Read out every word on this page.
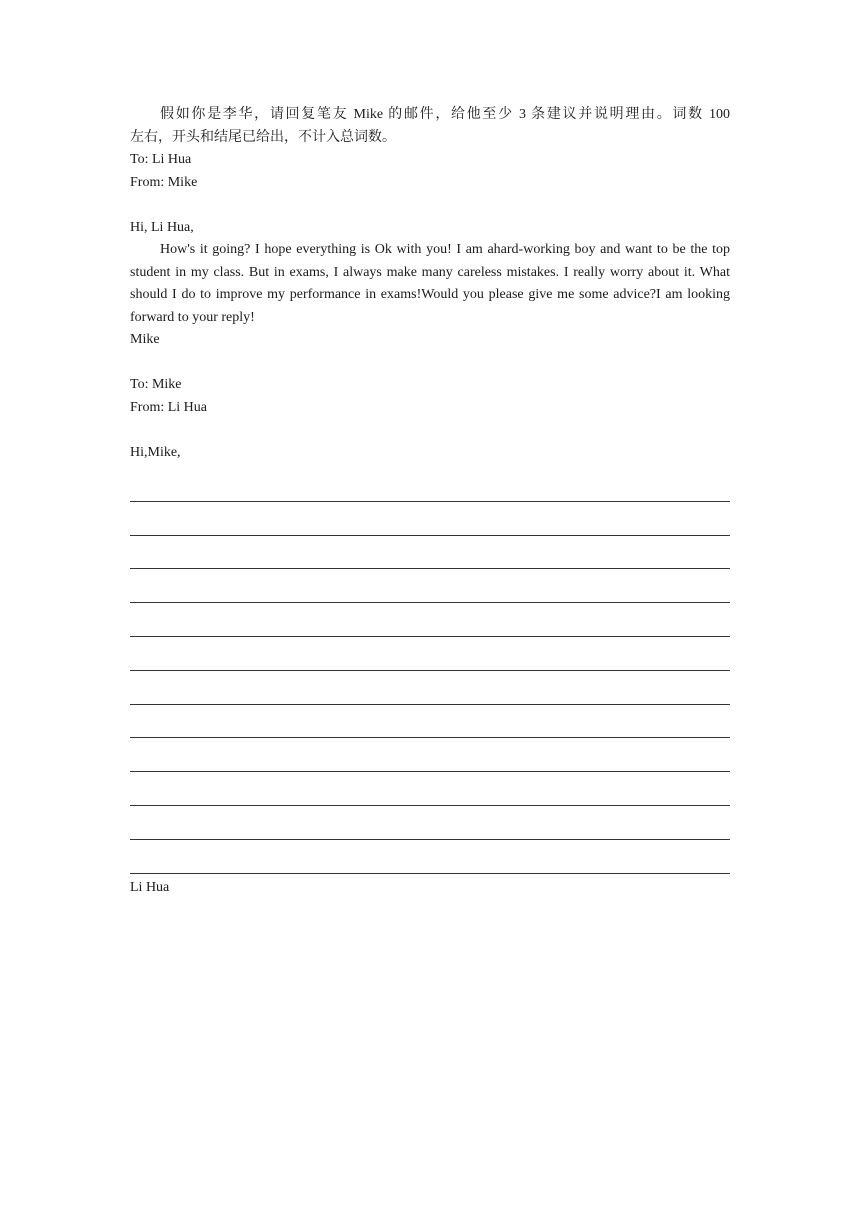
假如你是李华，请回复笔友 Mike 的邮件，给他至少 3 条建议并说明理由。词数 100
左右，开头和结尾已给出，不计入总词数。
To: Li Hua
From: Mike
Hi, Li Hua,
How's it going? I hope everything is Ok with you! I am ahard-working boy and want to be the top student in my class. But in exams, I always make many careless mistakes. I really worry about it. What should I do to improve my performance in exams!Would you please give me some advice?I am looking forward to your reply!
Mike
To: Mike
From: Li Hua
Hi,Mike,
Li Hua
